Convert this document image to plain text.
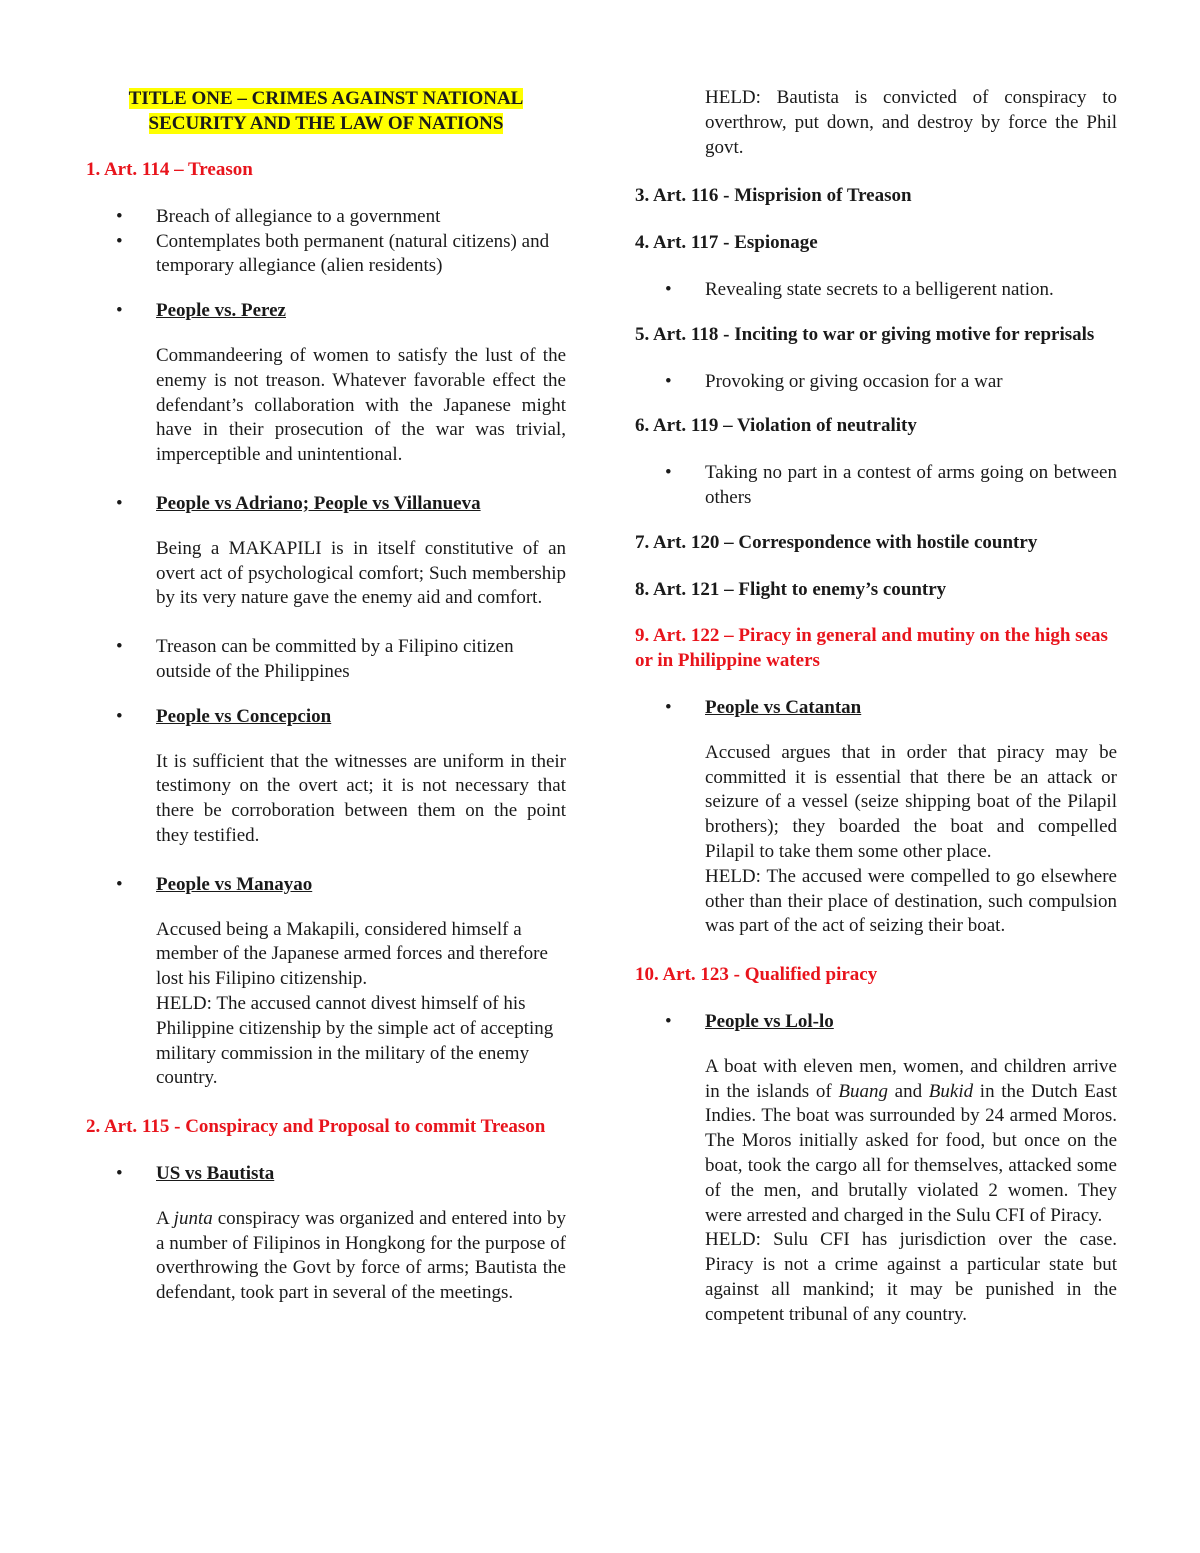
TITLE ONE – CRIMES AGAINST NATIONAL
SECURITY AND THE LAW OF NATIONS
1. Art. 114 – Treason
• Breach of allegiance to a government
• Contemplates both permanent (natural citizens) and temporary allegiance (alien residents)
• People vs. Perez

Commandeering of women to satisfy the lust of the enemy is not treason. Whatever favorable effect the defendant’s collaboration with the Japanese might have in their prosecution of the war was trivial, imperceptible and unintentional.

• People vs Adriano; People vs Villanueva

Being a MAKAPILI is in itself constitutive of an overt act of psychological comfort; Such membership by its very nature gave the enemy aid and comfort.

• Treason can be committed by a Filipino citizen outside of the Philippines
• People vs Concepcion

It is sufficient that the witnesses are uniform in their testimony on the overt act; it is not necessary that there be corroboration between them on the point they testified.

• People vs Manayao

Accused being a Makapili, considered himself a member of the Japanese armed forces and therefore lost his Filipino citizenship.

HELD: The accused cannot divest himself of his Philippine citizenship by the simple act of accepting military commission in the military of the enemy country.

2. Art. 115 - Conspiracy and Proposal to commit Treason
• US vs Bautista

A junta conspiracy was organized and entered into by a number of Filipinos in Hongkong for the purpose of overthrowing the Govt by force of arms; Bautista the defendant, took part in several of the meetings.

HELD: Bautista is convicted of conspiracy to overthrow, put down, and destroy by force the Phil govt.

3. Art. 116 - Misprision of Treason
4. Art. 117 - Espionage
• Revealing state secrets to a belligerent nation.
5. Art. 118 - Inciting to war or giving motive for reprisals
• Provoking or giving occasion for a war
6. Art. 119 – Violation of neutrality
• Taking no part in a contest of arms going on between others
7. Art. 120 – Correspondence with hostile country
8. Art. 121 – Flight to enemy’s country
9. Art. 122 – Piracy in general and mutiny on the high seas or in Philippine waters
• People vs Catantan

Accused argues that in order that piracy may be committed it is essential that there be an attack or seizure of a vessel (seize shipping boat of the Pilapil brothers); they boarded the boat and compelled Pilapil to take them some other place.

HELD: The accused were compelled to go elsewhere other than their place of destination, such compulsion was part of the act of seizing their boat.

10. Art. 123 - Qualified piracy
• People vs Lol-lo

A boat with eleven men, women, and children arrive in the islands of Buang and Bukid in the Dutch East Indies. The boat was surrounded by 24 armed Moros. The Moros initially asked for food, but once on the boat, took the cargo all for themselves, attacked some of the men, and brutally violated 2 women. They were arrested and charged in the Sulu CFI of Piracy.

HELD: Sulu CFI has jurisdiction over the case. Piracy is not a crime against a particular state but against all mankind; it may be punished in the competent tribunal of any country.
